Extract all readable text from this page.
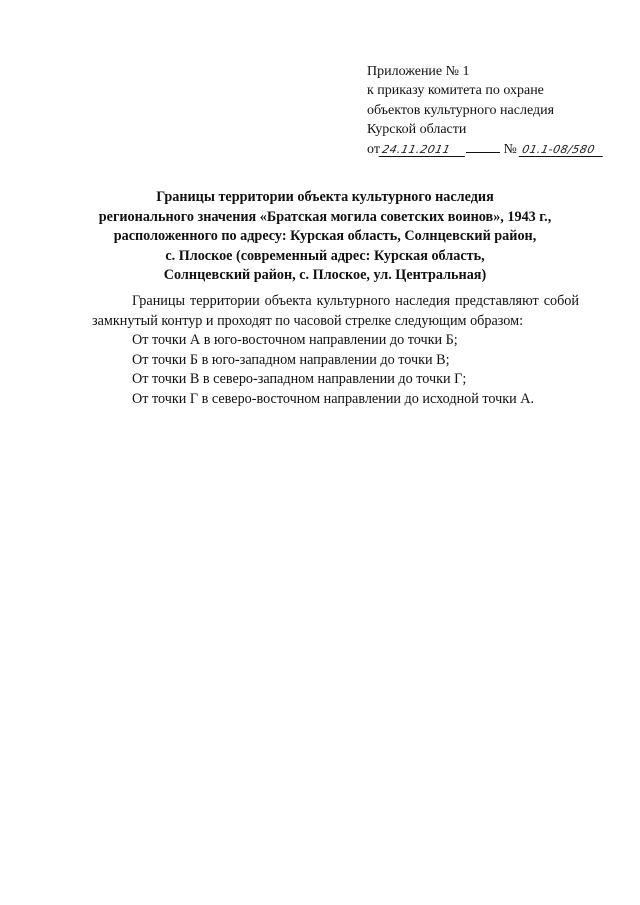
Приложение № 1
к приказу комитета по охране
объектов культурного наследия
Курской области
от24.11.2011	№ 01.1-08/580
Границы территории объекта культурного наследия
регионального значения «Братская могила советских воинов», 1943 г.,
расположенного по адресу: Курская область, Солнцевский район,
с. Плоское (современный адрес: Курская область,
Солнцевский район, с. Плоское, ул. Центральная)

Границы территории объекта культурного наследия представляют собой замкнутый контур и проходят по часовой стрелке следующим образом:

От точки А в юго-восточном направлении до точки Б;
От точки Б в юго-западном направлении до точки В;
От точки В в северо-западном направлении до точки Г;
От точки Г в северо-восточном направлении до исходной точки А.
